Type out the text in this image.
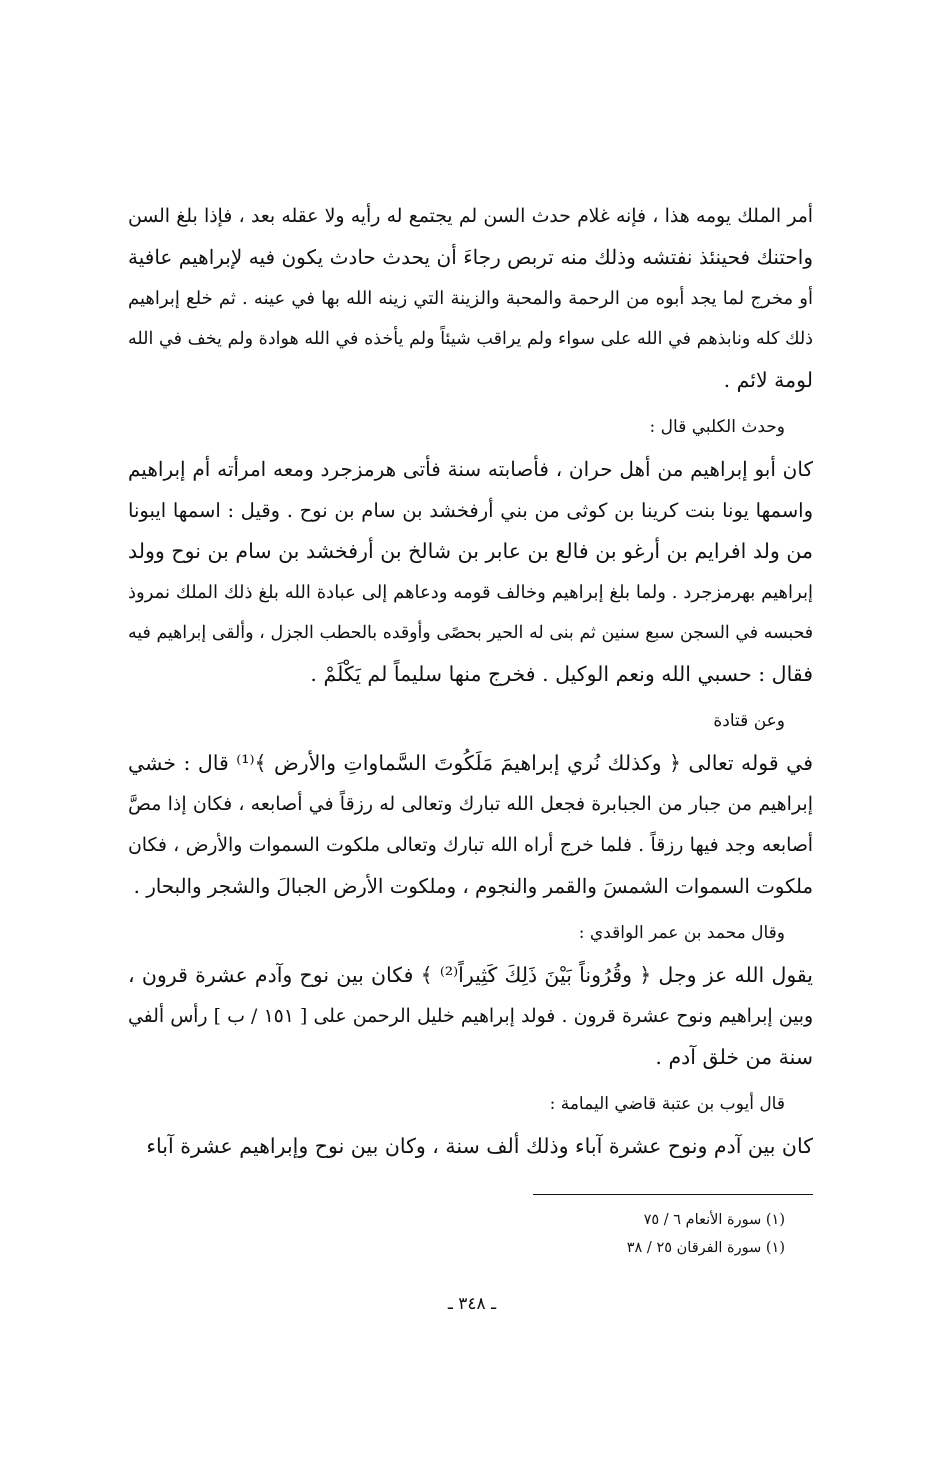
أمر الملك يومه هذا ، فإنه غلام حدث السن لم يجتمع له رأيه ولا عقله بعد ، فإذا بلغ السن
واحتنك فحينئذ نفتشه وذلك منه تربص رجاءَ أن يحدث حادث يكون فيه لإبراهيم عافية
أو مخرج لما يجد أبوه من الرحمة والمحبة والزينة التي زينه الله بها في عينه . ثم خلع إبراهيم
ذلك كله ونابذهم في الله على سواء ولم يراقب شيئاً ولم يأخذه في الله هوادة ولم يخف في الله
لومة لائم .
وحدث الكلبي قال :
كان أبو إبراهيم من أهل حران ، فأصابته سنة فأتى هرمزجرد ومعه امرأته أم إبراهيم
واسمها يونا بنت كرينا بن كوثى من بني أرفخشد بن سام بن نوح . وقيل : اسمها ايبونا
من ولد افرايم بن أرغو بن فالع بن عابر بن شالخ بن أرفخشد بن سام بن نوح وولد
إبراهيم بهرمزجرد . ولما بلغ إبراهيم وخالف قومه ودعاهم إلى عبادة الله بلغ ذلك الملك نمروذ
فحبسه في السجن سبع سنين ثم بنى له الحير بحصًى وأوقده بالحطب الجزل ، وألقى إبراهيم فيه
فقال : حسبي الله ونعم الوكيل . فخرج منها سليماً لم يَكْلَمْ .
وعن قتادة
في قوله تعالى ﴿ وكذلك نُري إبراهيمَ مَلَكُوتَ السَّماواتِ والأرض ﴾⁽¹⁾ قال : خشي
إبراهيم من جبار من الجبابرة فجعل الله تبارك وتعالى له رزقاً في أصابعه ، فكان إذا مصَّ
أصابعه وجد فيها رزقاً . فلما خرج أراه الله تبارك وتعالى ملكوت السموات والأرض ، فكان
ملكوت السموات الشمسَ والقمر والنجوم ، وملكوت الأرض الجبالَ والشجر والبحار .
وقال محمد بن عمر الواقدي :
يقول الله عز وجل ﴿ وقُرُوناً بَيْنَ ذَلِكَ كَثِيراً⁽²⁾ ﴾ فكان بين نوح وآدم عشرة قرون ،
وبين إبراهيم ونوح عشرة قرون . فولد إبراهيم خليل الرحمن على [ ١٥١ / ب ] رأس ألفي
سنة من خلق آدم .
قال أيوب بن عتبة قاضي اليمامة :
كان بين آدم ونوح عشرة آباء وذلك ألف سنة ، وكان بين نوح وإبراهيم عشرة آباء
(١) سورة الأنعام ٦ / ٧٥
(١) سورة الفرقان ٢٥ / ٣٨
ـ ٣٤٨ ـ
